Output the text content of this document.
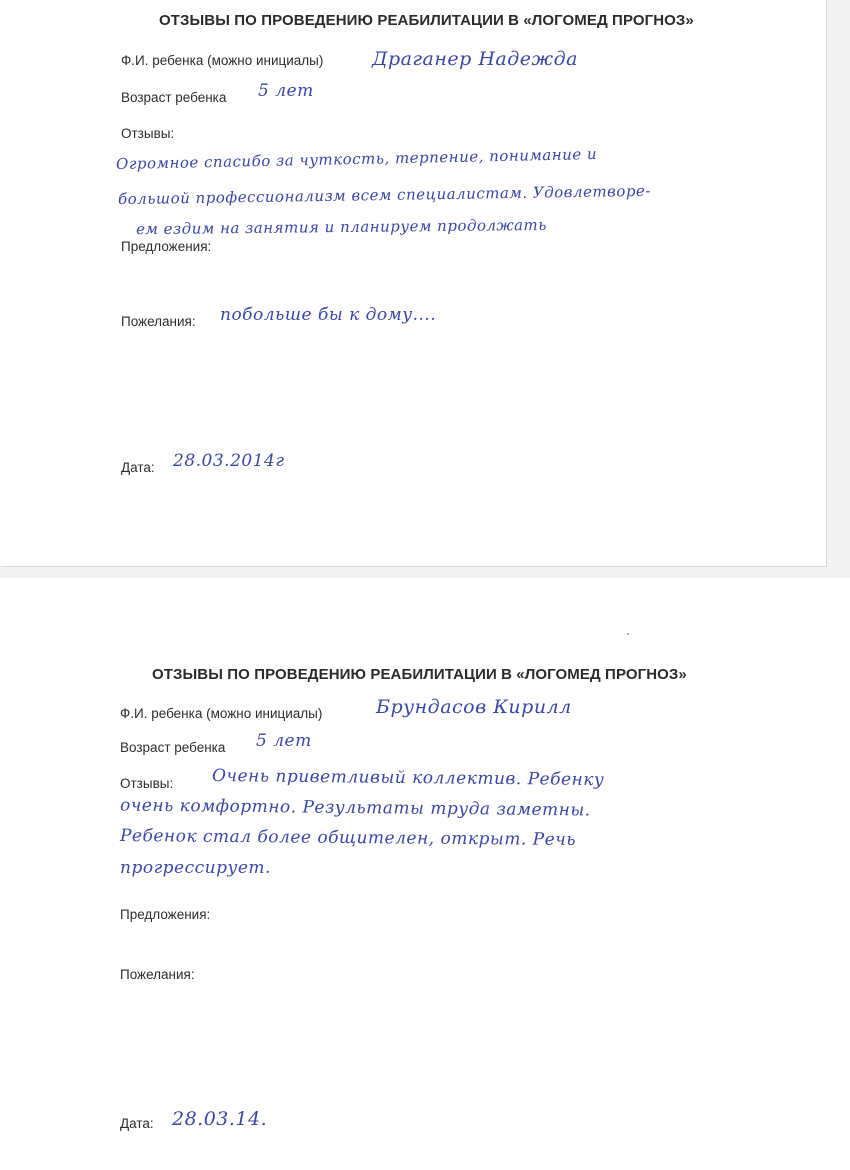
ОТЗЫВЫ ПО ПРОВЕДЕНИЮ РЕАБИЛИТАЦИИ В «ЛОГОМЕД ПРОГНОЗ»
Ф.И. ребенка (можно инициалы)	Драганер Надежда
Возраст ребенка 5 лет
Отзывы:
Огромное спасибо за чуткость, терпение, понимание и
большой профессионализм всем специалистам. Удовлетворе-
ем ездим на занятия и планируем продолжать
Предложения:
Пожелания: побольше бы к дому....
Дата: 28.03.2014г
ОТЗЫВЫ ПО ПРОВЕДЕНИЮ РЕАБИЛИТАЦИИ В «ЛОГОМЕД ПРОГНОЗ»
Ф.И. ребенка (можно инициалы)	Брундасов Кирилл
Возраст ребенка 5 лет
Отзывы: Очень приветливый коллектив. Ребенку
очень комфортно. Результаты труда заметны.
Ребенок стал более общителен, открыт. Речь
прогрессирует.
Предложения:
Пожелания:
Дата: 28.03.14.
